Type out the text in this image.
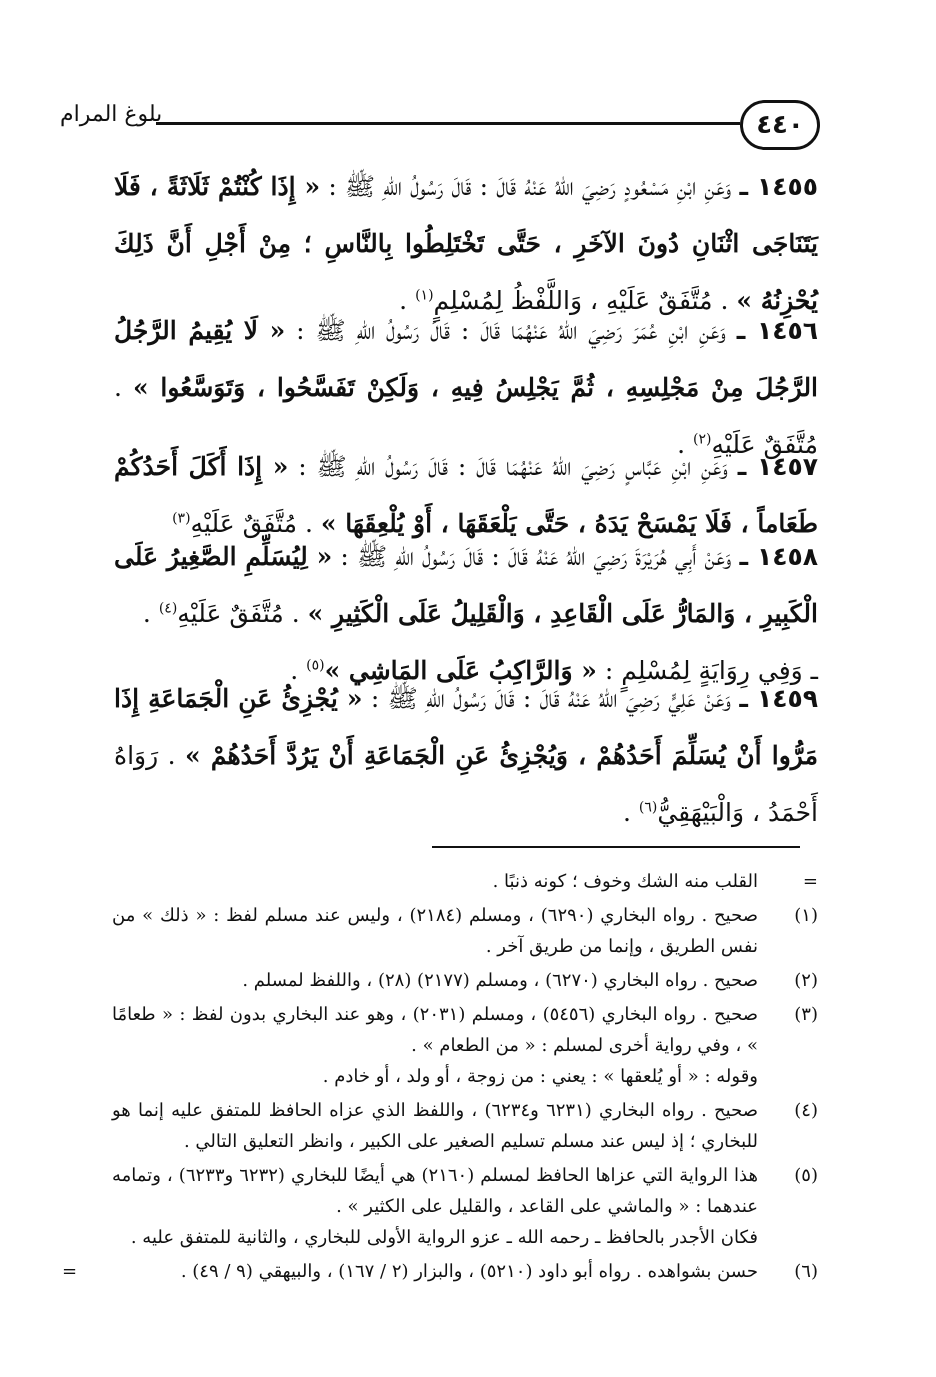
٤٤٠
بلوغ المرام
١٤٥٥ ـ وَعَنِ ابْنِ مَسْعُودٍ رَضِيَ اللهُ عَنْهُ قَالَ : قَالَ رَسُولُ اللهِ ﷺ : « إِذَا كُنْتُمْ ثَلَاثَةً ، فَلَا يَتَنَاجَى اثْنَانِ دُونَ الآخَرِ ، حَتَّى تَخْتَلِطُوا بِالنَّاسِ ؛ مِنْ أَجْلِ أَنَّ ذَلِكَ يُحْزِنُهُ » . مُتَّفَقٌ عَلَيْهِ ، وَاللَّفْظُ لِمُسْلِمٍ$^{(١)}$ .
١٤٥٦ ـ وَعَنِ ابْنِ عُمَرَ رَضِيَ اللهُ عَنْهُمَا قَالَ : قَالَ رَسُولُ اللهِ ﷺ : « لَا يُقِيمُ الرَّجُلُ الرَّجُلَ مِنْ مَجْلِسِهِ ، ثُمَّ يَجْلِسُ فِيهِ ، وَلَكِنْ تَفَسَّحُوا ، وَتَوَسَّعُوا » . مُتَّفَقٌ عَلَيْهِ$^{(٢)}$ .
١٤٥٧ ـ وَعَنِ ابْنِ عَبَّاسٍ رَضِيَ اللهُ عَنْهُمَا قَالَ : قَالَ رَسُولُ اللهِ ﷺ : « إِذَا أَكَلَ أَحَدُكُمْ طَعَاماً ، فَلَا يَمْسَحْ يَدَهُ ، حَتَّى يَلْعَقَهَا ، أَوْ يُلْعِقَهَا » . مُتَّفَقٌ عَلَيْهِ$^{(٣)}$
١٤٥٨ ـ وَعَنْ أَبِي هُرَيْرَةَ رَضِيَ اللهُ عَنْهُ قَالَ : قَالَ رَسُولُ اللهِ ﷺ : « لِيُسَلِّمِ الصَّغِيرُ عَلَى الْكَبِيرِ ، وَالمَارُّ عَلَى الْقَاعِدِ ، وَالْقَلِيلُ عَلَى الْكَثِيرِ » . مُتَّفَقٌ عَلَيْهِ$^{(٤)}$ .
ـ وَفِي رِوَايَةٍ لِمُسْلِمٍ : « وَالرَّاكِبُ عَلَى المَاشِي »$^{(٥)}$ .
١٤٥٩ ـ وَعَنْ عَلِيٍّ رَضِيَ اللهُ عَنْهُ قَالَ : قَالَ رَسُولُ اللهِ ﷺ : « يُجْزِئُ عَنِ الْجَمَاعَةِ إِذَا مَرُّوا أَنْ يُسَلِّمَ أَحَدُهُمْ ، وَيُجْزِئُ عَنِ الْجَمَاعَةِ أَنْ يَرُدَّ أَحَدُهُمْ » . رَوَاهُ أَحْمَدُ ، وَالْبَيْهَقِيُّ$^{(٦)}$ .
=
القلب منه الشك وخوف ؛ كونه ذنبًا .
(١)
صحيح . رواه البخاري (٦٢٩٠) ، ومسلم (٢١٨٤) ، وليس عند مسلم لفظ : « ذلك » من نفس الطريق ، وإنما من طريق آخر .
(٢)
صحيح . رواه البخاري (٦٢٧٠) ، ومسلم (٢١٧٧) (٢٨) ، واللفظ لمسلم .
(٣)
صحيح . رواه البخاري (٥٤٥٦) ، ومسلم (٢٠٣١) ، وهو عند البخاري بدون لفظ : « طعامًا » ، وفي رواية أخرى لمسلم : « من الطعام » .
وقوله : « أو يُلعقها » : يعني : من زوجة ، أو ولد ، أو خادم .
(٤)
صحيح . رواه البخاري (٦٢٣١ و٦٢٣٤) ، واللفظ الذي عزاه الحافظ للمتفق عليه إنما هو للبخاري ؛ إذ ليس عند مسلم تسليم الصغير على الكبير ، وانظر التعليق التالي .
(٥)
هذا الرواية التي عزاها الحافظ لمسلم (٢١٦٠) هي أيضًا للبخاري (٦٢٣٢ و٦٢٣٣) ، وتمامه عندهما : « والماشي على القاعد ، والقليل على الكثير » .
فكان الأجدر بالحافظ ـ رحمه الله ـ عزو الرواية الأولى للبخاري ، والثانية للمتفق عليه .
(٦)
حسن بشواهده . رواه أبو داود (٥٢١٠) ، والبزار (٢ / ١٦٧) ، والبيهقي (٩ / ٤٩) .
=
